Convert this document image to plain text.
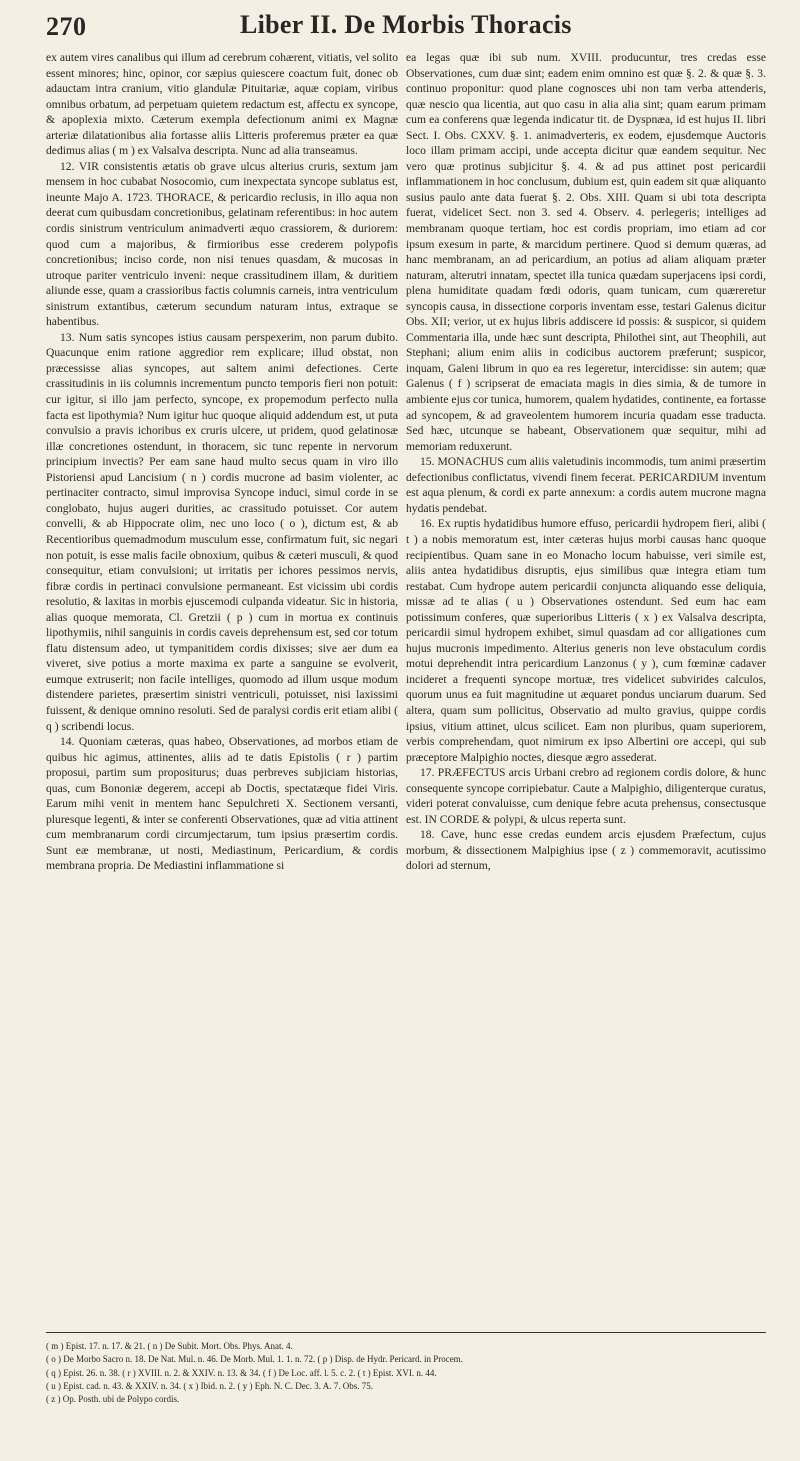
270	Liber II. De Morbis Thoracis

ex autem vires canalibus qui illum ad cerebrum cohærent, vitiatis, vel solito essent minores; hinc, opinor, cor sæpius quiescere coactum fuit, donec ob adauctam intra cranium, vitio glandulæ Pituitariæ, aquæ copiam, viribus omnibus orbatum, ad perpetuam quietem redactum est, affectu ex syncope, & apoplexia mixto. Cæterum exempla defectionum animi ex Magnæ arteriæ dilatationibus alia fortasse aliis Litteris proferemus præter ea quæ dedimus alias ( m ) ex Valsalva descripta. Nunc ad alia transeamus.

12. VIR consistentis ætatis ob grave ulcus alterius cruris, sextum jam mensem in hoc cubabat Nosocomio, cum inexpectata syncope sublatus est, ineunte Majo A. 1723. THORACE, & pericardio reclusis, in illo aqua non deerat cum quibusdam concretionibus, gelatinam referentibus: in hoc autem cordis sinistrum ventriculum animadverti æquo crassiorem, & duriorem: quod cum a majoribus, & firmioribus esse crederem polypofis concretionibus; inciso corde, non nisi tenues quasdam, & mucosas in utroque pariter ventriculo inveni: neque crassitudinem illam, & duritiem aliunde esse, quam a crassioribus factis columnis carneis, intra ventriculum sinistrum extantibus, cæterum secundum naturam intus, extraque se habentibus.

13. Num satis syncopes istius causam perspexerim, non parum dubito. Quacunque enim ratione aggredior rem explicare; illud obstat, non præcessisse alias syncopes, aut saltem animi defectiones. Certe crassitudinis in iis columnis incrementum puncto temporis fieri non potuit: cur igitur, si illo jam perfecto, syncope, ex propemodum perfecto nulla facta est lipothymia? Num igitur huc quoque aliquid addendum est, ut puta convulsio a pravis ichoribus ex cruris ulcere, ut pridem, quod gelatinosæ illæ concretiones ostendunt, in thoracem, sic tunc repente in nervorum principium invectis? Per eam sane haud multo secus quam in viro illo Pistoriensi apud Lancisium ( n ) cordis mucrone ad basim violenter, ac pertinaciter contracto, simul improvisa Syncope induci, simul corde in se conglobato, hujus augeri durities, ac crassitudo potuisset. Cor autem convelli, & ab Hippocrate olim, nec uno loco ( o ), dictum est, & ab Recentioribus quemadmodum musculum esse, confirmatum fuit, sic negari non potuit, is esse malis facile obnoxium, quibus & cæteri musculi, & quod consequitur, etiam convulsioni; ut irritatis per ichores pessimos nervis, fibræ cordis in pertinaci convulsione permaneant. Est vicissim ubi cordis resolutio, & laxitas in morbis ejuscemodi culpanda videatur. Sic in historia, alias quoque memorata, Cl. Gretzii ( p ) cum in mortua ex continuis lipothymiis, nihil sanguinis in cordis caveis deprehensum est, sed cor totum flatu distensum adeo, ut tympanitidem cordis dixisses; sive aer dum ea viveret, sive potius a morte maxima ex parte a sanguine se evolverit, eumque extruserit; non facile intelliges, quomodo ad illum usque modum distendere parietes, præsertim sinistri ventriculi, potuisset, nisi laxissimi fuissent, & denique omnino resoluti. Sed de paralysi cordis erit etiam alibi ( q ) scribendi locus.

14. Quoniam cæteras, quas habeo, Observationes, ad morbos etiam de quibus hic agimus, attinentes, aliis ad te datis Epistolis ( r ) partim proposui, partim sum propositurus; duas perbreves subjiciam historias, quas, cum Bononiæ degerem, accepi ab Doctis, spectatæque fidei Viris. Earum mihi venit in mentem hanc Sepulchreti X. Sectionem versanti, pluresque legenti, & inter se conferenti Observationes, quæ ad vitia attinent cum membranarum cordi circumjectarum, tum ipsius præsertim cordis. Sunt eæ membranæ, ut nosti, Mediastinum, Pericardium, & cordis membrana propria. De Mediastini inflammatione si

ea legas quæ ibi sub num. XVIII. producuntur, tres credas esse Observationes, cum duæ sint; eadem enim omnino est quæ §. 2. & quæ §. 3. continuo proponitur: quod plane cognosces ubi non tam verba attenderis, quæ nescio qua licentia, aut quo casu in alia alia sint; quam earum primam cum ea conferens quæ legenda indicatur tit. de Dyspnæa, id est hujus II. libri Sect. I. Obs. CXXV. §. 1. animadverteris, ex eodem, ejusdemque Auctoris loco illam primam accipi, unde accepta dicitur quæ eandem sequitur. Nec vero quæ protinus subjicitur §. 4. & ad pus attinet post pericardii inflammationem in hoc conclusum, dubium est, quin eadem sit quæ aliquanto susius paulo ante data fuerat §. 2. Obs. XIII. Quam si ubi tota descripta fuerat, videlicet Sect. non 3. sed 4. Observ. 4. perlegeris; intelliges ad membranam quoque tertiam, hoc est cordis propriam, imo etiam ad cor ipsum exesum in parte, & marcidum pertinere. Quod si demum quæras, ad hanc membranam, an ad pericardium, an potius ad aliam aliquam præter naturam, alterutri innatam, spectet illa tunica quædam superjacens ipsi cordi, plena humiditate quadam fœdi odoris, quam tunicam, cum quæreretur syncopis causa, in dissectione corporis inventam esse, testari Galenus dicitur Obs. XII; verior, ut ex hujus libris addiscere id possis: & suspicor, si quidem Commentaria illa, unde hæc sunt descripta, Philothei sint, aut Theophili, aut Stephani; alium enim aliis in codicibus auctorem præferunt; suspicor, inquam, Galeni librum in quo ea res legeretur, intercidisse: sin autem; quæ Galenus ( f ) scripserat de emaciata magis in dies simia, & de tumore in ambiente ejus cor tunica, humorem, qualem hydatides, continente, ea fortasse ad syncopem, & ad graveolentem humorem incuria quadam esse traducta. Sed hæc, utcunque se habeant, Observationem quæ sequitur, mihi ad memoriam reduxerunt.

15. MONACHUS cum aliis valetudinis incommodis, tum animi præsertim defectionibus conflictatus, vivendi finem fecerat. PERICARDIUM inventum est aqua plenum, & cordi ex parte annexum: a cordis autem mucrone magna hydatis pendebat.

16. Ex ruptis hydatidibus humore effuso, pericardii hydropem fieri, alibi ( t ) a nobis memoratum est, inter cæteras hujus morbi causas hanc quoque recipientibus. Quam sane in eo Monacho locum habuisse, veri simile est, aliis antea hydatidibus disruptis, ejus similibus quæ integra etiam tum restabat. Cum hydrope autem pericardii conjuncta aliquando esse deliquia, missæ ad te alias ( u ) Observationes ostendunt. Sed eum hac eam potissimum conferes, quæ superioribus Litteris ( x ) ex Valsalva descripta, pericardii simul hydropem exhibet, simul quasdam ad cor alligationes cum hujus mucronis impedimento. Alterius generis non leve obstaculum cordis motui deprehendit intra pericardium Lanzonus ( y ), cum fœminæ cadaver incideret a frequenti syncope mortuæ, tres videlicet subvirides calculos, quorum unus ea fuit magnitudine ut æquaret pondus unciarum duarum. Sed altera, quam sum pollicitus, Observatio ad multo gravius, quippe cordis ipsius, vitium attinet, ulcus scilicet. Eam non pluribus, quam superiorem, verbis comprehendam, quot nimirum ex ipso Albertini ore accepi, qui sub præceptore Malpighio noctes, diesque ægro assederat.

17. PRÆFECTUS arcis Urbani crebro ad regionem cordis dolore, & hunc consequente syncope corripiebatur. Caute a Malpighio, diligenterque curatus, videri poterat convaluisse, cum denique febre acuta prehensus, consectusque est. IN CORDE & polypi, & ulcus reperta sunt.

18. Cave, hunc esse credas eundem arcis ejusdem Præfectum, cujus morbum, & dissectionem Malpighius ipse ( z ) commemoravit, acutissimo dolori ad sternum,

( m ) Epist. 17. n. 17. & 21. ( n ) De Subit. Mort. Obs. Phys. Anat. 4.
( o ) De Morbo Sacro n. 18. De Nat. Mul. n. 46. De Morb. Mul. 1. 1. n. 72. ( p ) Disp. de Hydr. Pericard. in Procem.
( q ) Epist. 26. n. 38. ( r ) XVIII. n. 2. & XXIV. n. 13. & 34. ( f ) De Loc. aff. l. 5. c. 2. ( t ) Epist. XVI. n. 44.
( u ) Epist. cad. n. 43. & XXIV. n. 34. ( x ) Ibid. n. 2. ( y ) Eph. N. C. Dec. 3. A. 7. Obs. 75.
( z ) Op. Posth. ubi de Polypo cordis.
